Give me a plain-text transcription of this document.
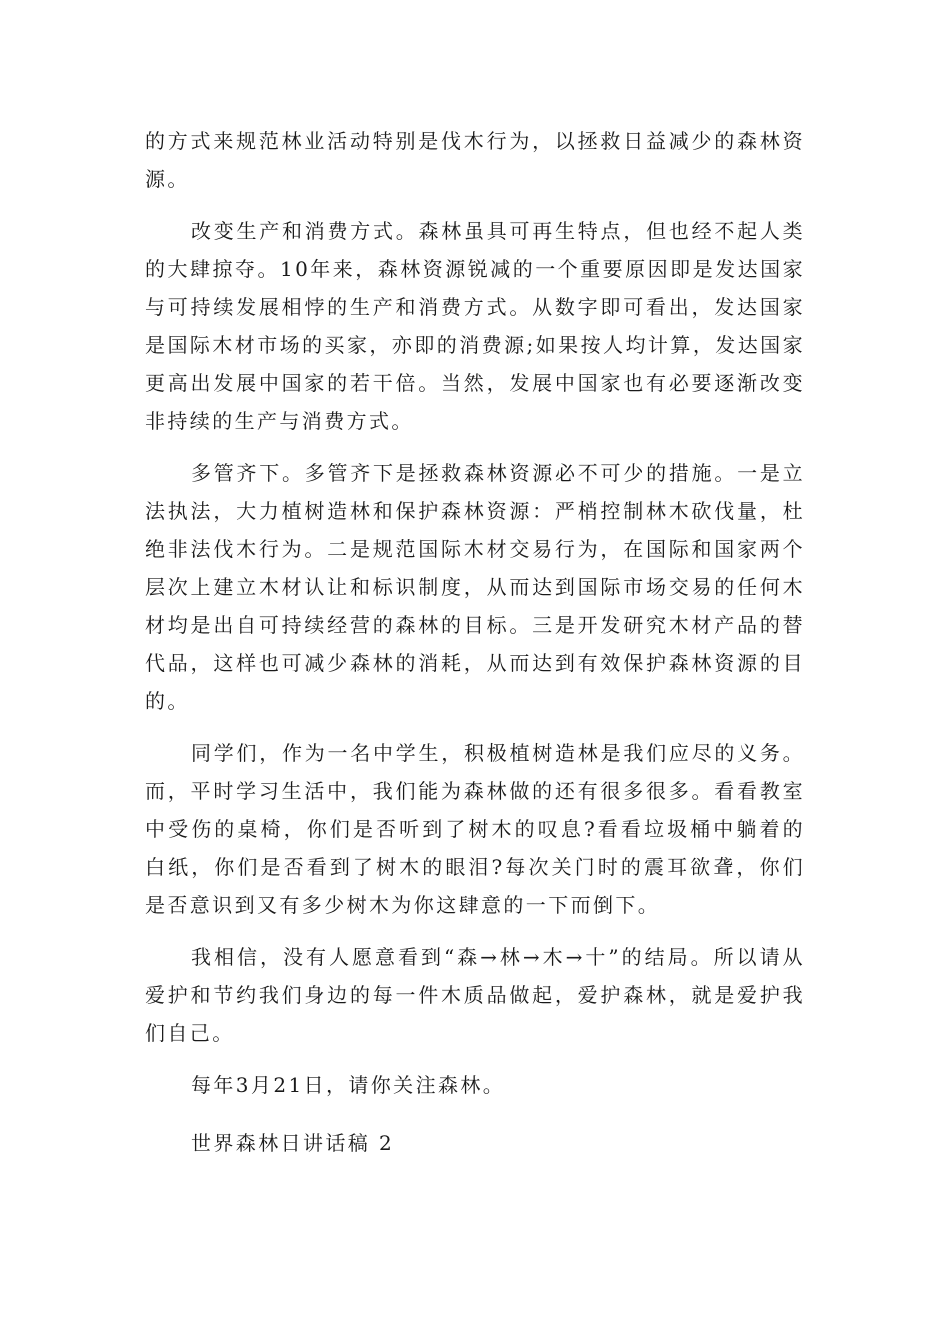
的方式来规范林业活动特别是伐木行为，以拯救日益减少的森林资源。

改变生产和消费方式。森林虽具可再生特点，但也经不起人类的大肆掠夺。10年来，森林资源锐减的一个重要原因即是发达国家与可持续发展相悖的生产和消费方式。从数字即可看出，发达国家是国际木材市场的买家，亦即的消费源;如果按人均计算，发达国家更高出发展中国家的若干倍。当然，发展中国家也有必要逐渐改变非持续的生产与消费方式。

多管齐下。多管齐下是拯救森林资源必不可少的措施。一是立法执法，大力植树造林和保护森林资源：严梢控制林木砍伐量，杜绝非法伐木行为。二是规范国际木材交易行为，在国际和国家两个层次上建立木材认让和标识制度，从而达到国际市场交易的任何木材均是出自可持续经营的森林的目标。三是开发研究木材产品的替代品，这样也可减少森林的消耗，从而达到有效保护森林资源的目的。

同学们，作为一名中学生，积极植树造林是我们应尽的义务。而，平时学习生活中，我们能为森林做的还有很多很多。看看教室中受伤的桌椅，你们是否听到了树木的叹息?看看垃圾桶中躺着的白纸，你们是否看到了树木的眼泪?每次关门时的震耳欲聋，你们是否意识到又有多少树木为你这肆意的一下而倒下。

我相信，没有人愿意看到“森→林→木→十”的结局。所以请从爱护和节约我们身边的每一件木质品做起，爱护森林，就是爱护我们自己。

每年3月21日，请你关注森林。

世界森林日讲话稿 2
